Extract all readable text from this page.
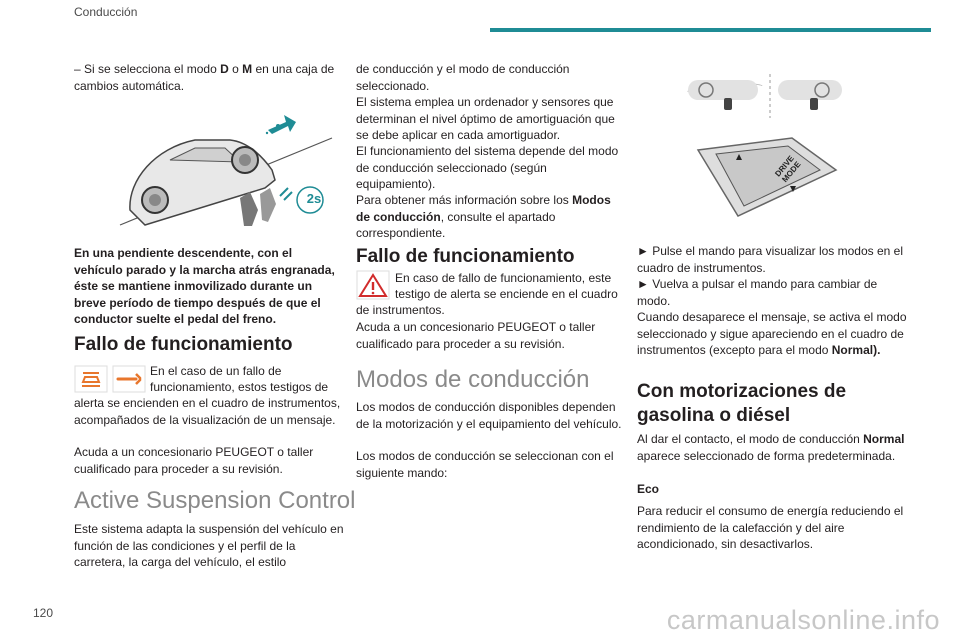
Conducción

– Si se selecciona el modo D o M en una caja de cambios automática.

2s

En una pendiente descendente, con el vehículo parado y la marcha atrás engranada, éste se mantiene inmovilizado durante un breve período de tiempo después de que el conductor suelte el pedal del freno.

Fallo de funcionamiento

En el caso de un fallo de

funcionamiento, estos testigos de

alerta se encienden en el cuadro de instrumentos, acompañados de la visualización de un mensaje.

Acuda a un concesionario PEUGEOT o taller cualificado para proceder a su revisión.

Active Suspension Control

Este sistema adapta la suspensión del vehículo en función de las condiciones y el perfil de la carretera, la carga del vehículo, el estilo

de conducción y el modo de conducción seleccionado.

El sistema emplea un ordenador y sensores que determinan el nivel óptimo de amortiguación que se debe aplicar en cada amortiguador.

El funcionamiento del sistema depende del modo de conducción seleccionado (según equipamiento).

Para obtener más información sobre los Modos de conducción, consulte el apartado correspondiente.

Fallo de funcionamiento

En caso de fallo de funcionamiento, este

testigo de alerta se enciende en el cuadro

de instrumentos.

Acuda a un concesionario PEUGEOT o taller cualificado para proceder a su revisión.

Modos de conducción

Los modos de conducción disponibles dependen de la motorización y el equipamiento del vehículo.

Los modos de conducción se seleccionan con el siguiente mando:

DRIVE MODE

► Pulse el mando para visualizar los modos en el cuadro de instrumentos.

► Vuelva a pulsar el mando para cambiar de modo.

Cuando desaparece el mensaje, se activa el modo seleccionado y sigue apareciendo en el cuadro de instrumentos (excepto para el modo Normal).

Con motorizaciones de gasolina o diésel

Al dar el contacto, el modo de conducción Normal aparece seleccionado de forma predeterminada.

Eco

Para reducir el consumo de energía reduciendo el rendimiento de la calefacción y del aire acondicionado, sin desactivarlos.

120	carmanualsonline.info
